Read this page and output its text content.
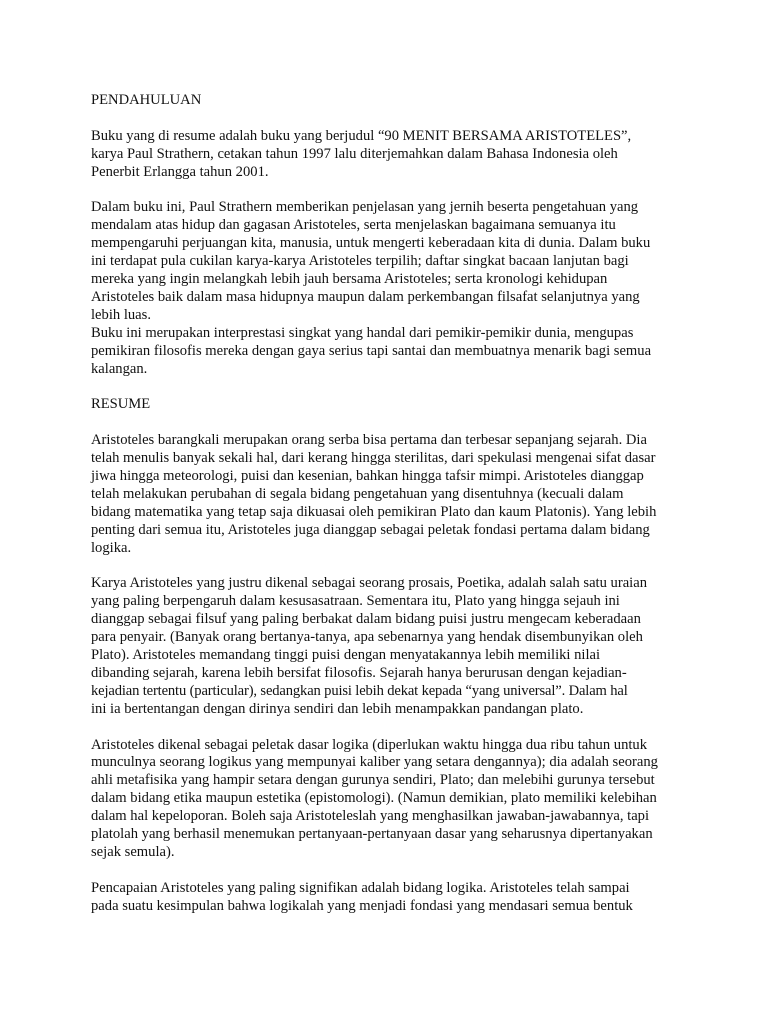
PENDAHULUAN

Buku yang di resume adalah buku yang berjudul “90 MENIT BERSAMA ARISTOTELES”,

karya Paul Strathern, cetakan tahun 1997 lalu diterjemahkan dalam Bahasa Indonesia oleh

Penerbit Erlangga tahun 2001.

Dalam buku ini, Paul Strathern memberikan penjelasan yang jernih beserta pengetahuan yang

mendalam atas hidup dan gagasan Aristoteles, serta menjelaskan bagaimana semuanya itu

mempengaruhi perjuangan kita, manusia, untuk mengerti keberadaan kita di dunia. Dalam buku

ini terdapat pula cukilan karya-karya Aristoteles terpilih; daftar singkat bacaan lanjutan bagi

mereka yang ingin melangkah lebih jauh bersama Aristoteles; serta kronologi kehidupan

Aristoteles baik dalam masa hidupnya maupun dalam perkembangan filsafat selanjutnya yang

lebih luas.

Buku ini merupakan interprestasi singkat yang handal dari pemikir-pemikir dunia, mengupas

pemikiran filosofis mereka dengan gaya serius tapi santai dan membuatnya menarik bagi semua

kalangan.

RESUME

Aristoteles barangkali merupakan orang serba bisa pertama dan terbesar sepanjang sejarah. Dia

telah menulis banyak sekali hal, dari kerang hingga sterilitas, dari spekulasi mengenai sifat dasar

jiwa hingga meteorologi, puisi dan kesenian, bahkan hingga tafsir mimpi. Aristoteles dianggap

telah melakukan perubahan di segala bidang pengetahuan yang disentuhnya (kecuali dalam

bidang matematika yang tetap saja dikuasai oleh pemikiran Plato dan kaum Platonis). Yang lebih

penting dari semua itu, Aristoteles juga dianggap sebagai peletak fondasi pertama dalam bidang

logika.

Karya Aristoteles yang justru dikenal sebagai seorang prosais, Poetika, adalah salah satu uraian

yang paling berpengaruh dalam kesusasatraan. Sementara itu, Plato yang hingga sejauh ini

dianggap sebagai filsuf yang paling berbakat dalam bidang puisi justru mengecam keberadaan

para penyair. (Banyak orang bertanya-tanya, apa sebenarnya yang hendak disembunyikan oleh

Plato). Aristoteles memandang tinggi puisi dengan menyatakannya lebih memiliki nilai

dibanding sejarah, karena lebih bersifat filosofis. Sejarah hanya berurusan dengan kejadian-

kejadian tertentu (particular), sedangkan puisi lebih dekat kepada “yang universal”. Dalam hal

ini ia bertentangan dengan dirinya sendiri dan lebih menampakkan pandangan plato.

Aristoteles dikenal sebagai peletak dasar logika (diperlukan waktu hingga dua ribu tahun untuk

munculnya seorang logikus yang mempunyai kaliber yang setara dengannya); dia adalah seorang

ahli metafisika yang hampir setara dengan gurunya sendiri, Plato; dan melebihi gurunya tersebut

dalam bidang etika maupun estetika (epistomologi). (Namun demikian, plato memiliki kelebihan

dalam hal kepeloporan. Boleh saja Aristoteleslah yang menghasilkan jawaban-jawabannya, tapi

platolah yang berhasil menemukan pertanyaan-pertanyaan dasar yang seharusnya dipertanyakan

sejak semula).

Pencapaian Aristoteles yang paling signifikan adalah bidang logika. Aristoteles telah sampai

pada suatu kesimpulan bahwa logikalah yang menjadi fondasi yang mendasari semua bentuk
